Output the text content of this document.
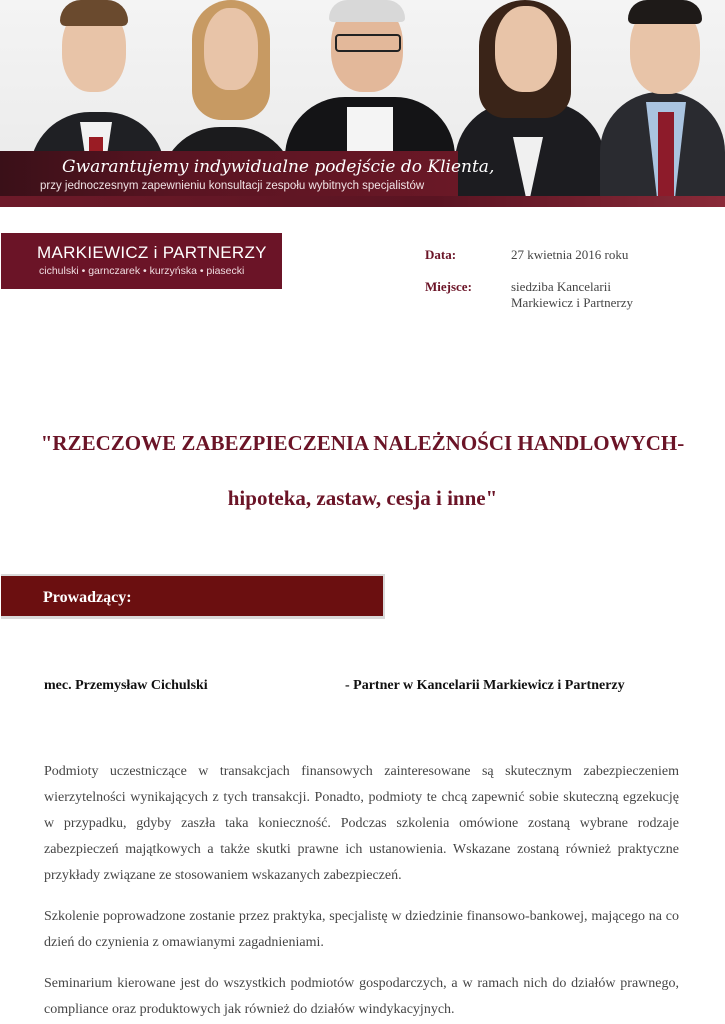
Gwarantujemy indywidualne podejście do Klienta,
przy jednoczesnym zapewnieniu konsultacji zespołu wybitnych specjalistów
MARKIEWICZ i PARTNERZY
cichulski • garnczarek • kurzyńska • piasecki
Data:	27 kwietnia 2016 roku
Miejsce:	siedziba Kancelarii
Markiewicz i Partnerzy
"RZECZOWE ZABEZPIECZENIA NALEŻNOŚCI HANDLOWYCH-
hipoteka, zastaw, cesja i inne"
Prowadzący:
mec. Przemysław Cichulski	- Partner w Kancelarii Markiewicz i Partnerzy

Podmioty uczestniczące w transakcjach finansowych zainteresowane są skutecznym zabezpieczeniem wierzytelności wynikających z tych transakcji. Ponadto, podmioty te chcą zapewnić sobie skuteczną egzekucję w przypadku, gdyby zaszła taka konieczność. Podczas szkolenia omówione zostaną wybrane rodzaje zabezpieczeń majątkowych a także skutki prawne ich ustanowienia. Wskazane zostaną również praktyczne przykłady związane ze stosowaniem wskazanych zabezpieczeń.

Szkolenie poprowadzone zostanie przez praktyka, specjalistę w dziedzinie finansowo-bankowej, mającego na co dzień do czynienia z omawianymi zagadnieniami.

Seminarium kierowane jest do wszystkich podmiotów gospodarczych, a w ramach nich do działów prawnego, compliance oraz produktowych jak również do działów windykacyjnych.
